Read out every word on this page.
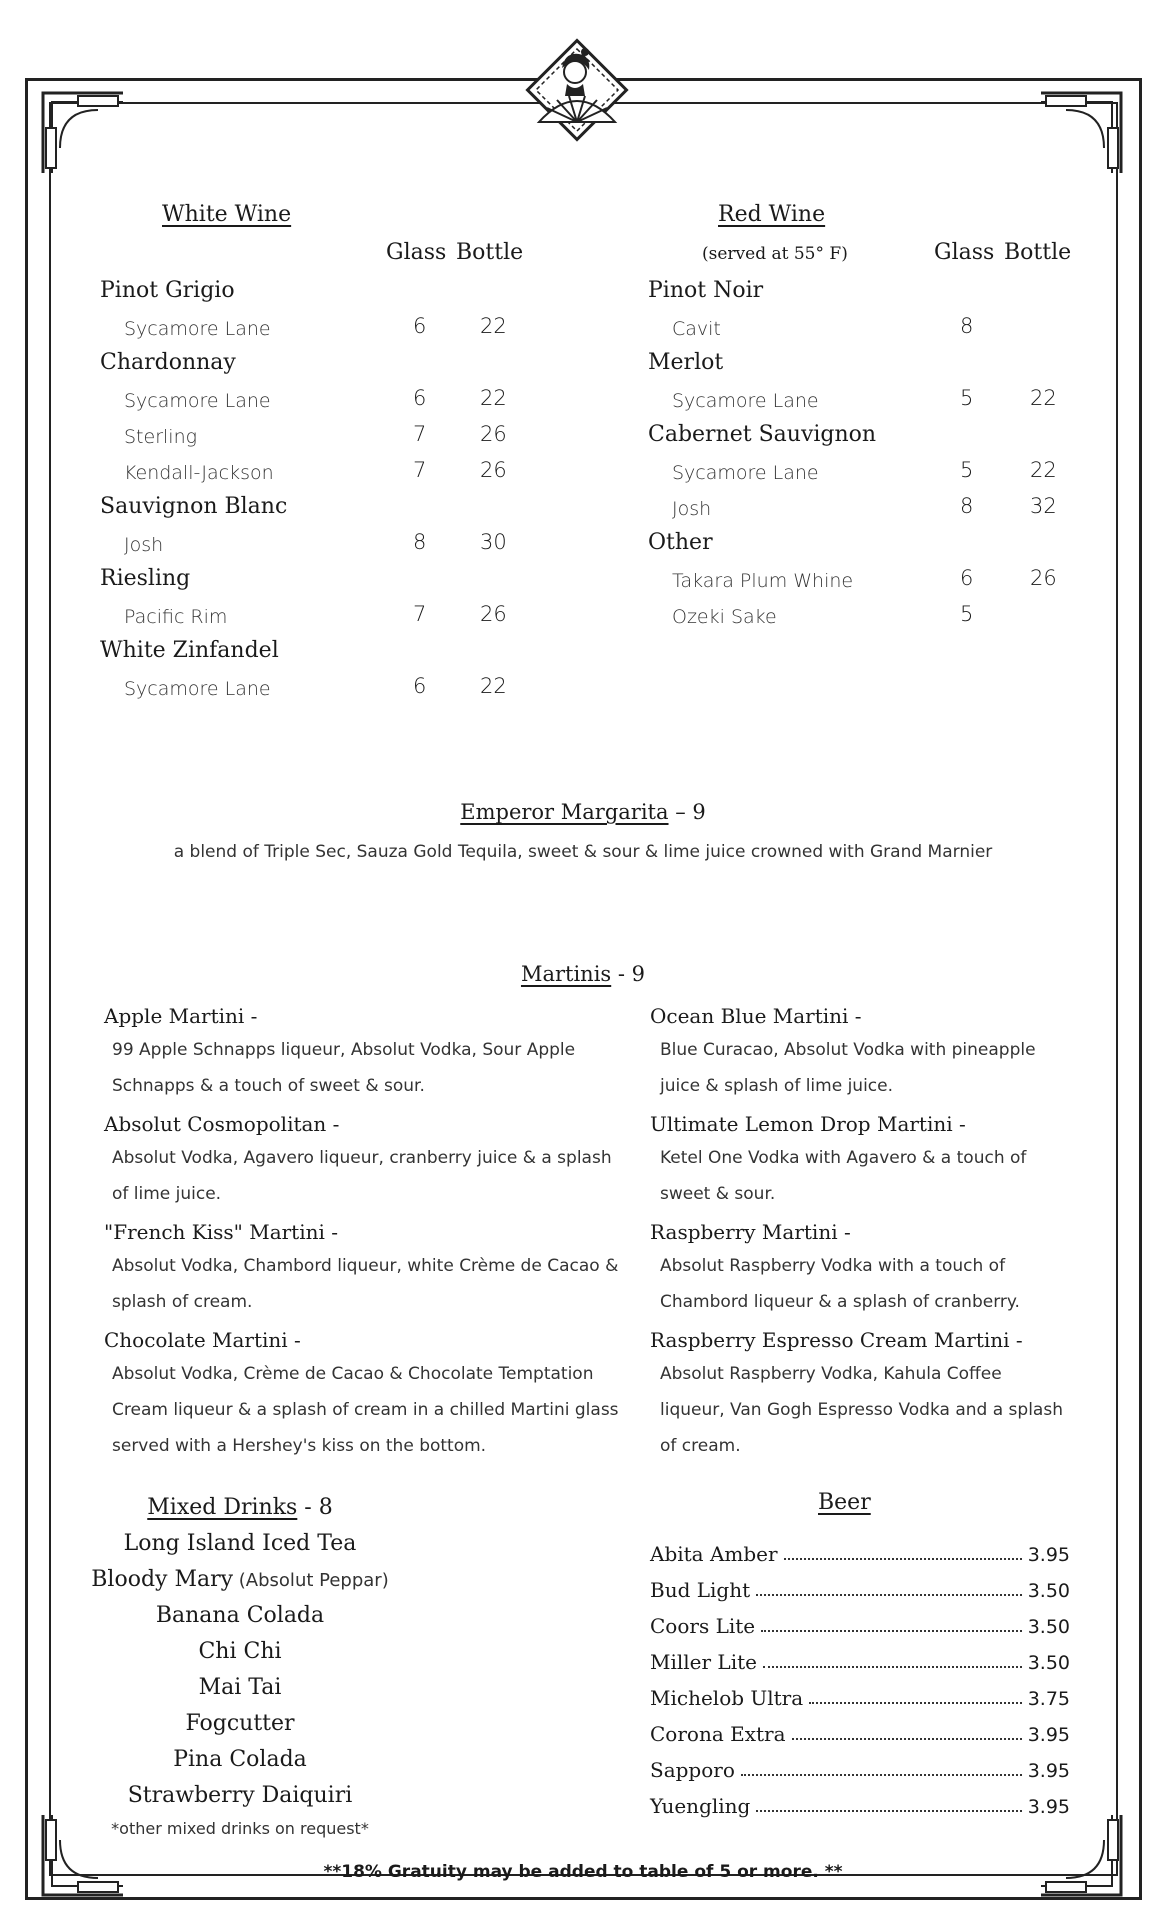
White Wine
Glass Bottle
Red Wine
(served at 55° F)	Glass Bottle
Pinot Grigio
Sycamore Lane	6	22
Chardonnay
Sycamore Lane	6	22
Sterling	7	26
Kendall-Jackson	7	26
Sauvignon Blanc
Josh	8	30
Riesling
Pacific Rim	7	26
White Zinfandel
Sycamore Lane	6	22
Pinot Noir
Cavit	8
Merlot
Sycamore Lane	5	22
Cabernet Sauvignon
Sycamore Lane	5	22
Josh	8	32
Other
Takara Plum Whine	6	26
Ozeki Sake	5
Emperor Margarita – 9
a blend of Triple Sec, Sauza Gold Tequila, sweet & sour & lime juice crowned with Grand Marnier
Martinis - 9
Apple Martini -
99 Apple Schnapps liqueur, Absolut Vodka, Sour Apple Schnapps & a touch of sweet & sour.
Absolut Cosmopolitan -
Absolut Vodka, Agavero liqueur, cranberry juice & a splash of lime juice.
"French Kiss" Martini -
Absolut Vodka, Chambord liqueur, white Crème de Cacao & splash of cream.
Chocolate Martini -
Absolut Vodka, Crème de Cacao & Chocolate Temptation Cream liqueur & a splash of cream in a chilled Martini glass served with a Hershey's kiss on the bottom.
Ocean Blue Martini -
Blue Curacao, Absolut Vodka with pineapple juice & splash of lime juice.
Ultimate Lemon Drop Martini -
Ketel One Vodka with Agavero & a touch of sweet & sour.
Raspberry Martini -
Absolut Raspberry Vodka with a touch of Chambord liqueur & a splash of cranberry.
Raspberry Espresso Cream Martini -
Absolut Raspberry Vodka, Kahula Coffee liqueur, Van Gogh Espresso Vodka and a splash of cream.
Mixed Drinks - 8
Long Island Iced Tea
Bloody Mary (Absolut Peppar)
Banana Colada
Chi Chi
Mai Tai
Fogcutter
Pina Colada
Strawberry Daiquiri
*other mixed drinks on request*
Beer
Abita Amber	3.95
Bud Light	3.50
Coors Lite	3.50
Miller Lite	3.50
Michelob Ultra	3.75
Corona Extra	3.95
Sapporo	3.95
Yuengling	3.95
**18% Gratuity may be added to table of 5 or more. **
